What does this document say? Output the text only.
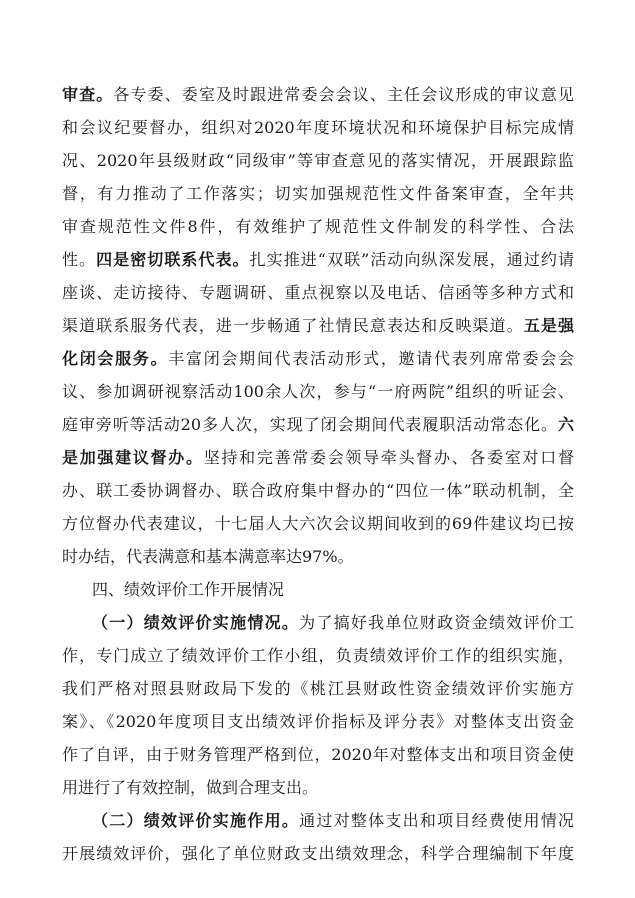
审查。各专委、委室及时跟进常委会会议、主任会议形成的审议意见
和会议纪要督办，组织对2020年度环境状况和环境保护目标完成情
况、2020年县级财政“同级审”等审查意见的落实情况，开展跟踪监
督，有力推动了工作落实；切实加强规范性文件备案审查，全年共
审查规范性文件8件，有效维护了规范性文件制发的科学性、合法
性。四是密切联系代表。扎实推进“双联”活动向纵深发展，通过约请
座谈、走访接待、专题调研、重点视察以及电话、信函等多种方式和
渠道联系服务代表，进一步畅通了社情民意表达和反映渠道。五是强
化闭会服务。丰富闭会期间代表活动形式，邀请代表列席常委会会
议、参加调研视察活动100余人次，参与“一府两院”组织的听证会、
庭审旁听等活动20多人次，实现了闭会期间代表履职活动常态化。六
是加强建议督办。坚持和完善常委会领导牵头督办、各委室对口督
办、联工委协调督办、联合政府集中督办的“四位一体”联动机制，全
方位督办代表建议，十七届人大六次会议期间收到的69件建议均已按
时办结，代表满意和基本满意率达97%。
四、绩效评价工作开展情况
（一）绩效评价实施情况。为了搞好我单位财政资金绩效评价工
作，专门成立了绩效评价工作小组，负责绩效评价工作的组织实施，
我们严格对照县财政局下发的《桃江县财政性资金绩效评价实施方
案》、《2020年度项目支出绩效评价指标及评分表》对整体支出资金
作了自评，由于财务管理严格到位，2020年对整体支出和项目资金使
用进行了有效控制，做到合理支出。
（二）绩效评价实施作用。通过对整体支出和项目经费使用情况
开展绩效评价，强化了单位财政支出绩效理念，科学合理编制下年度
